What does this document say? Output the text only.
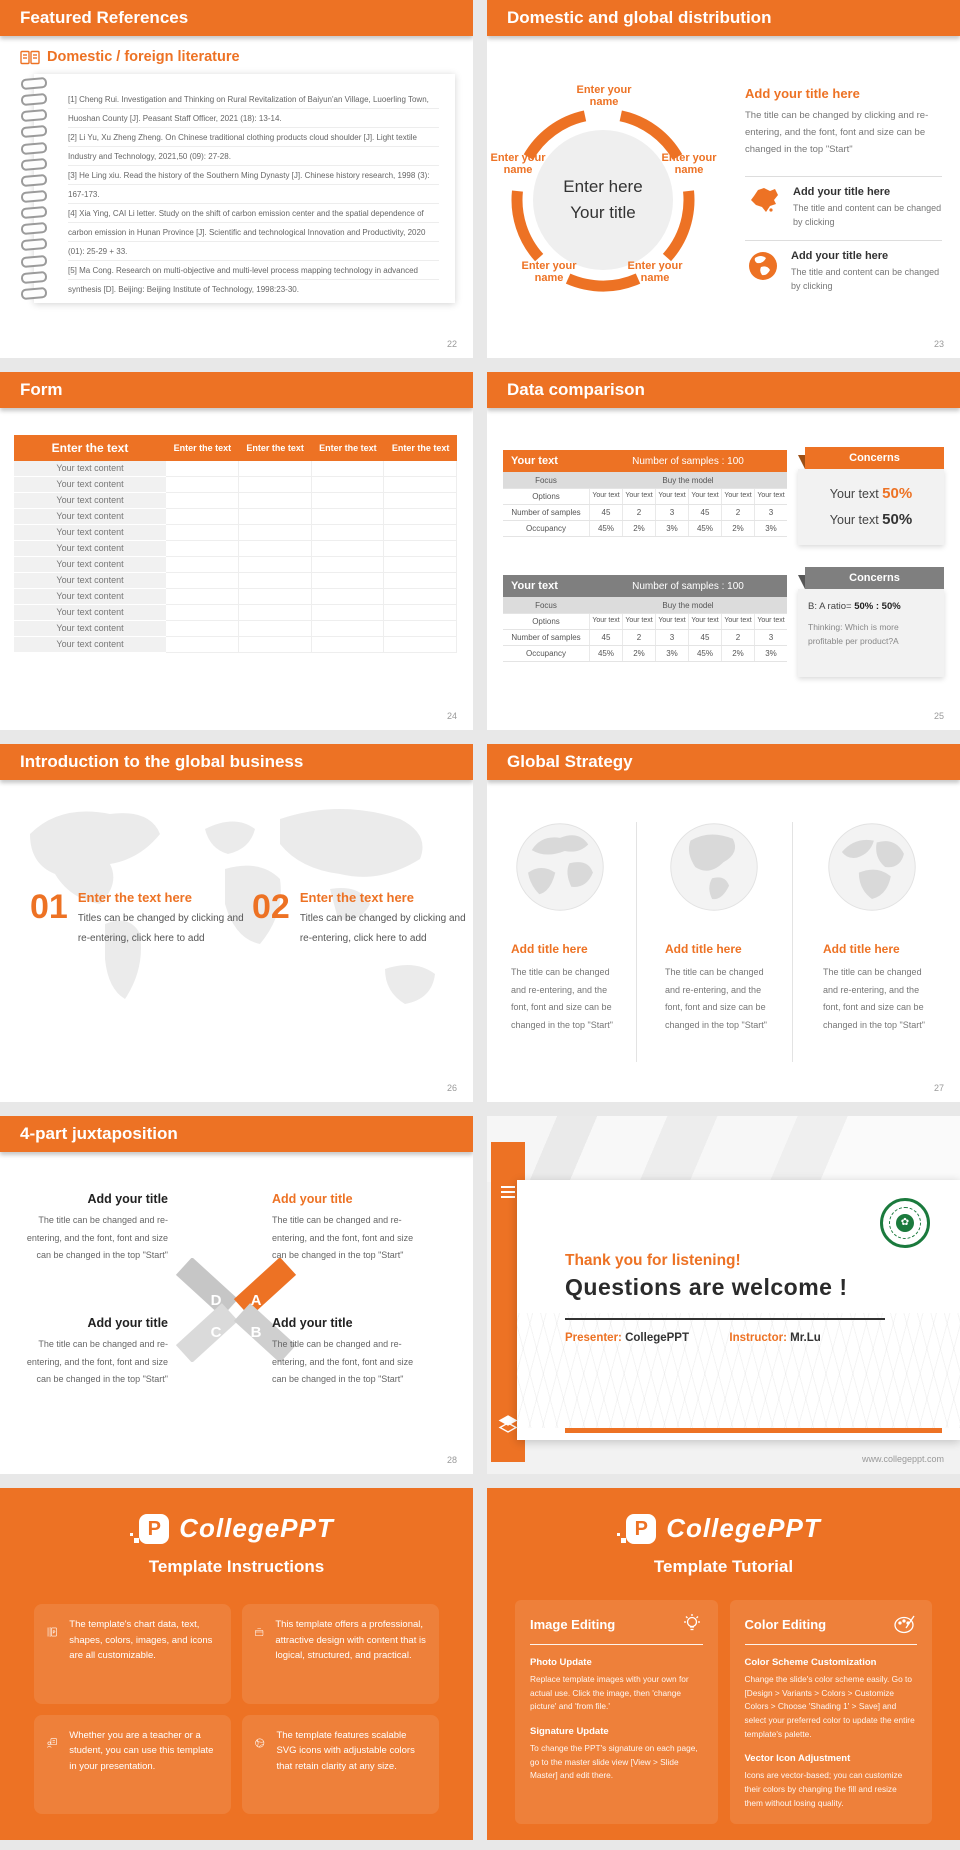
Featured References
Domestic / foreign literature

[1] Cheng Rui. Investigation and Thinking on Rural Revitalization of Baiyun'an Village, Luoerling Town, Huoshan County [J]. Peasant Staff Officer, 2021 (18): 13-14.

[2] Li Yu, Xu Zheng Zheng. On Chinese traditional clothing products cloud shoulder [J]. Light textile Industry and Technology, 2021,50 (09): 27-28.

[3] He Ling xiu. Read the history of the Southern Ming Dynasty [J]. Chinese history research, 1998 (3): 167-173.

[4] Xia Ying, CAI Li letter. Study on the shift of carbon emission center and the spatial dependence of carbon emission in Hunan Province [J]. Scientific and technological Innovation and Productivity, 2020 (01): 25-29 + 33.

[5] Ma Cong. Research on multi-objective and multi-level process mapping technology in advanced synthesis [D]. Beijing: Beijing Institute of Technology, 1998:23-30.

22
Domestic and global distribution
Enter here
Your title
Enter your name
Enter your name
Enter your name
Enter your name
Enter your name
Add your title here
The title can be changed by clicking and re-entering, and the font, font and size can be changed in the top "Start"
Add your title here
The title and content can be changed by clicking
Add your title here
The title and content can be changed by clicking
23
Form
Enter the text	Enter the text	Enter the text	Enter the text	Enter the text
Your text content
Your text content
Your text content
Your text content
Your text content
Your text content
Your text content
Your text content
Your text content
Your text content
Your text content
Your text content
24
Data comparison
Your text	Number of samples : 100
Focus	Buy the model
Options	Your text Your text Your text Your text Your text Your text
Number of samples	45	2	3	45	2	3
Occupancy	45%	2%	3%	45%	2%	3%
Your text	Number of samples : 100
Focus	Buy the model
Options	Your text Your text Your text Your text Your text Your text
Number of samples	45	2	3	45	2	3
Occupancy	45%	2%	3%	45%	2%	3%
Concerns
Your text 50%
Your text 50%
Concerns
B: A ratio= 50% : 50%
Thinking: Which is more profitable per product?A
25
Introduction to the global business
01 Enter the text here
Titles can be changed by clicking and re-entering, click here to add
02 Enter the text here
Titles can be changed by clicking and re-entering, click here to add
26
Global Strategy
Add title here
The title can be changed and re-entering, and the font, font and size can be changed in the top "Start"
Add title here
The title can be changed and re-entering, and the font, font and size can be changed in the top "Start"
Add title here
The title can be changed and re-entering, and the font, font and size can be changed in the top "Start"
27
4-part juxtaposition
D A
C B
Add your title
The title can be changed and re-entering, and the font, font and size can be changed in the top "Start"
Add your title
The title can be changed and re-entering, and the font, font and size can be changed in the top "Start"
Add your title
The title can be changed and re-entering, and the font, font and size can be changed in the top "Start"
Add your title
The title can be changed and re-entering, and the font, font and size can be changed in the top "Start"
28
✿
Thank you for listening!
Questions are welcome !
Presenter: CollegePPT	Instructor: Mr.Lu
www.collegeppt.com
P CollegePPT
Template Instructions
P
The template's chart data, text, shapes, colors, images, and icons are all customizable.
This template offers a professional, attractive design with content that is logical, structured, and practical.
Whether you are a teacher or a student, you can use this template in your presentation.
The template features scalable SVG icons with adjustable colors that retain clarity at any size.
P CollegePPT
Template Tutorial
Image Editing
Photo Update
Replace template images with your own for actual use. Click the image, then 'change picture' and 'from file.'
Signature Update
To change the PPT's signature on each page, go to the master slide view [View > Slide Master] and edit there.
Color Editing
Color Scheme Customization
Change the slide's color scheme easily. Go to [Design > Variants > Colors > Customize Colors > Choose 'Shading 1' > Save] and select your preferred color to update the entire template's palette.
Vector Icon Adjustment
Icons are vector-based; you can customize their colors by changing the fill and resize them without losing quality.
